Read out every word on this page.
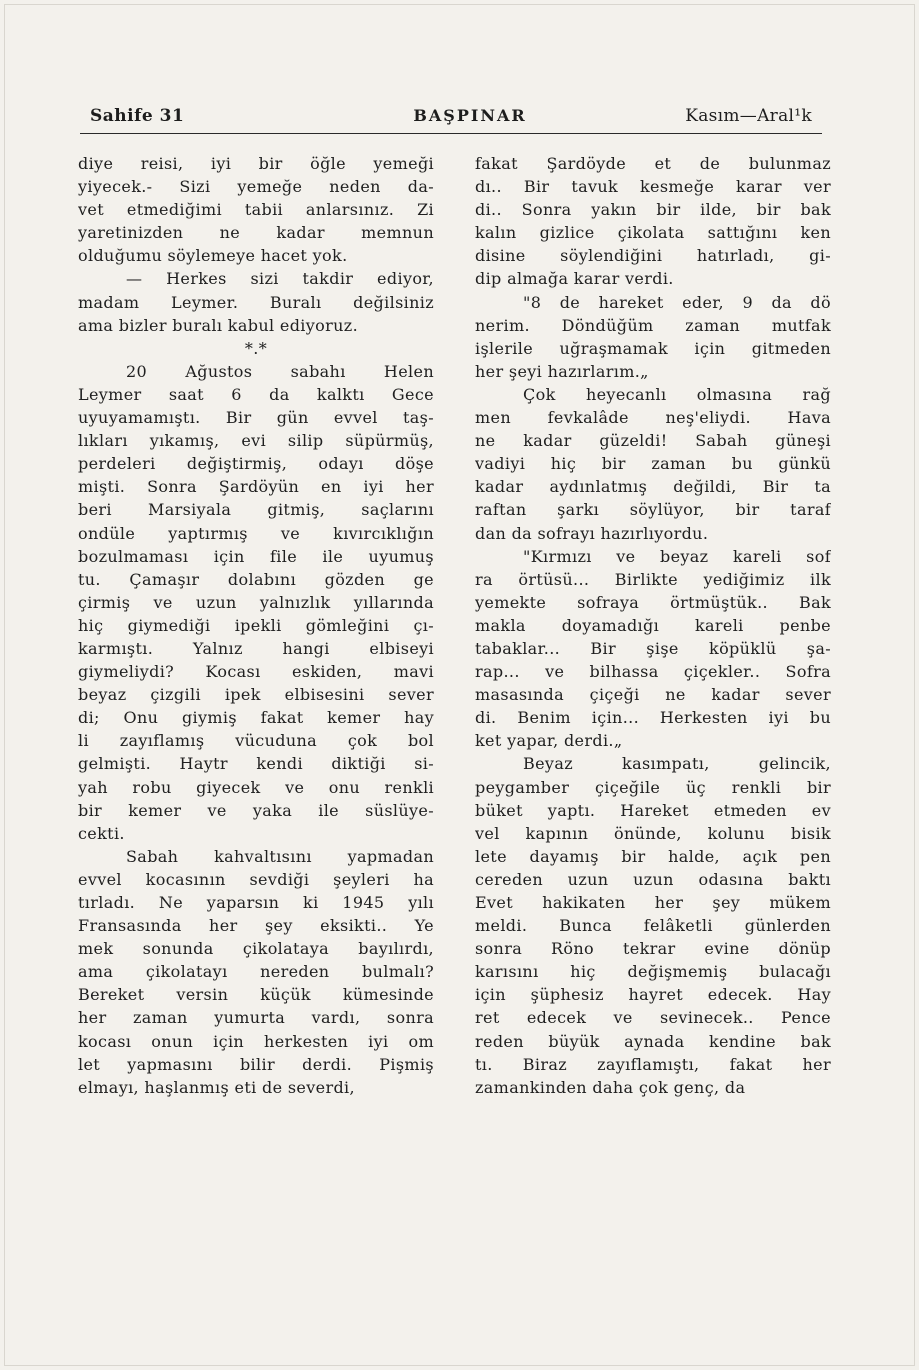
Sahife 31	BAŞPINAR	Kasım—Aral¹k
diye reisi, iyi bir öğle yemeği
yiyecek.- Sizi yemeğe neden da-
vet etmediğimi tabii anlarsınız. Zi
yaretinizden ne kadar memnun
olduğumu söylemeye hacet yok.
— Herkes sizi takdir ediyor,
madam Leymer. Buralı değilsiniz
ama bizler buralı kabul ediyoruz.
*.*
20 Ağustos sabahı Helen
Leymer saat 6 da kalktı Gece
uyuyamamıştı. Bir gün evvel taş-
lıkları yıkamış, evi silip süpürmüş,
perdeleri değiştirmiş, odayı döşe
mişti. Sonra Şardöyün en iyi her
beri Marsiyala gitmiş, saçlarını
ondüle yaptırmış ve kıvırcıklığın
bozulmaması için file ile uyumuş
tu. Çamaşır dolabını gözden ge
çirmiş ve uzun yalnızlık yıllarında
hiç giymediği ipekli gömleğini çı-
karmıştı. Yalnız hangi elbiseyi
giymeliydi? Kocası eskiden, mavi
beyaz çizgili ipek elbisesini sever
di; Onu giymiş fakat kemer hay
li zayıflamış vücuduna çok bol
gelmişti. Haytr kendi diktiği si-
yah robu giyecek ve onu renkli
bir kemer ve yaka ile süslüye-
cekti.
Sabah kahvaltısını yapmadan
evvel kocasının sevdiği şeyleri ha
tırladı. Ne yaparsın ki 1945 yılı
Fransasında her şey eksikti.. Ye
mek sonunda çikolataya bayılırdı,
ama çikolatayı nereden bulmalı?
Bereket versin küçük kümesinde
her zaman yumurta vardı, sonra
kocası onun için herkesten iyi om
let yapmasını bilir derdi. Pişmiş
elmayı, haşlanmış eti de severdi,
fakat Şardöyde et de bulunmaz
dı.. Bir tavuk kesmeğe karar ver
di.. Sonra yakın bir ilde, bir bak
kalın gizlice çikolata sattığını ken
disine söylendiğini hatırladı, gi-
dip almağa karar verdi.
"8 de hareket eder, 9 da dö
nerim. Döndüğüm zaman mutfak
işlerile uğraşmamak için gitmeden
her şeyi hazırlarım.„
Çok heyecanlı olmasına rağ
men fevkalâde neş'eliydi. Hava
ne kadar güzeldi! Sabah güneşi
vadiyi hiç bir zaman bu günkü
kadar aydınlatmış değildi, Bir ta
raftan şarkı söylüyor, bir taraf
dan da sofrayı hazırlıyordu.
"Kırmızı ve beyaz kareli sof
ra örtüsü... Birlikte yediğimiz ilk
yemekte sofraya örtmüştük.. Bak
makla doyamadığı kareli penbe
tabaklar... Bir şişe köpüklü şa-
rap... ve bilhassa çiçekler.. Sofra
masasında çiçeği ne kadar sever
di. Benim için... Herkesten iyi bu
ket yapar, derdi.„
Beyaz kasımpatı, gelincik,
peygamber çiçeğile üç renkli bir
büket yaptı. Hareket etmeden ev
vel kapının önünde, kolunu bisik
lete dayamış bir halde, açık pen
cereden uzun uzun odasına baktı
Evet hakikaten her şey mükem
meldi. Bunca felâketli günlerden
sonra Röno tekrar evine dönüp
karısını hiç değişmemiş bulacağı
için şüphesiz hayret edecek. Hay
ret edecek ve sevinecek.. Pence
reden büyük aynada kendine bak
tı. Biraz zayıflamıştı, fakat her
zamankinden daha çok genç, da
